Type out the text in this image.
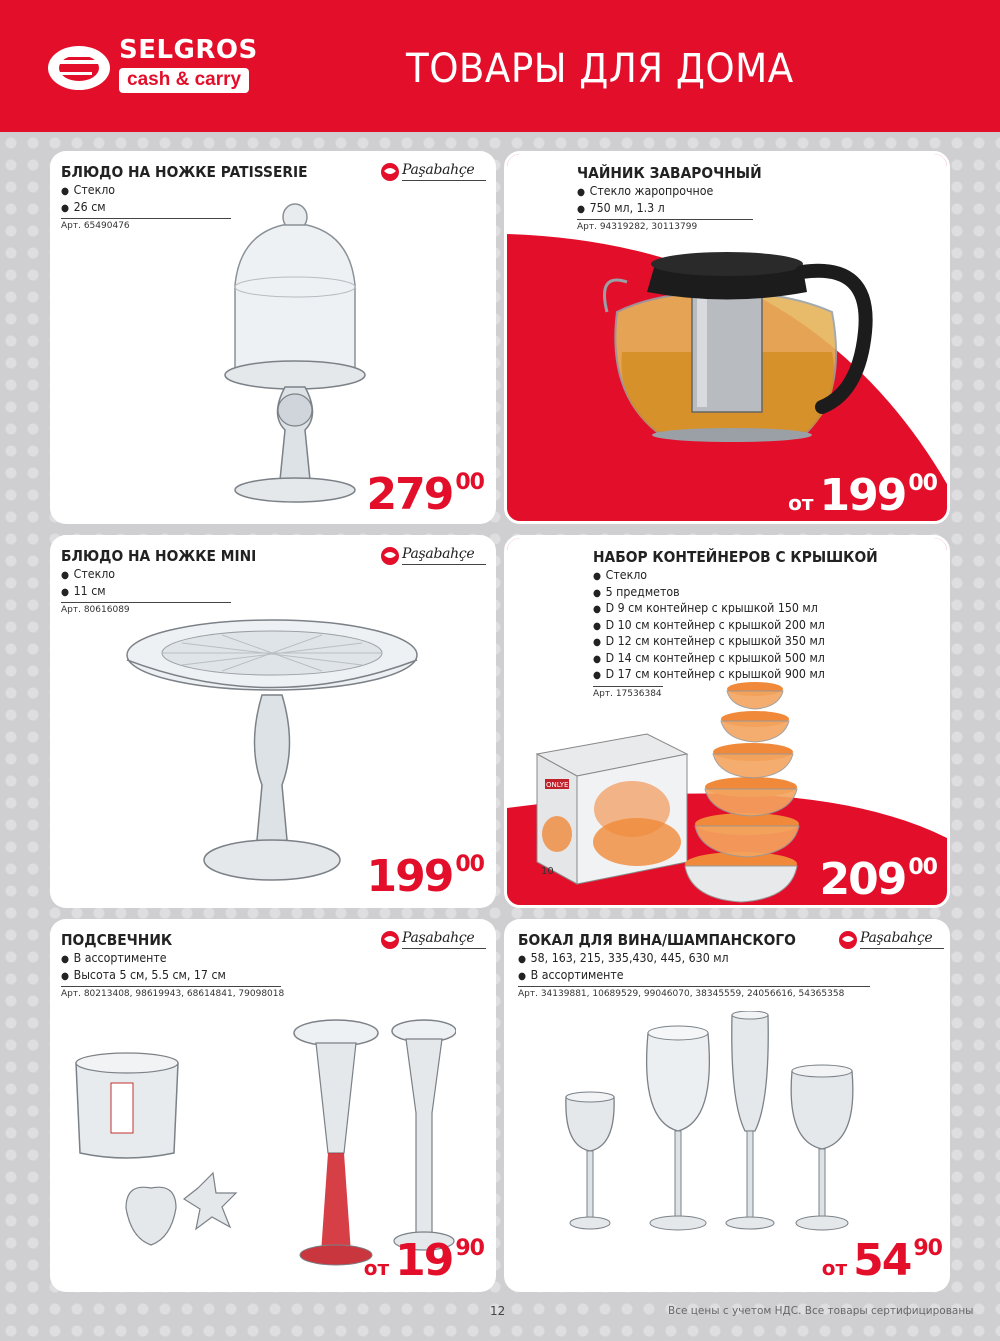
SELGROS
cash & carry	ТОВАРЫ ДЛЯ ДОМА
БЛЮДО НА НОЖКЕ PATISSERIE
● Стекло
● 26 см
Арт. 65490476
Paşabahçe
279 00
ЧАЙНИК ЗАВАРОЧНЫЙ
● Стекло жаропрочное
● 750 мл, 1.3 л
Арт. 94319282, 30113799
от 199 00
БЛЮДО НА НОЖКЕ MINI
● Стекло
● 11 см
Арт. 80616089
Paşabahçe
199 00
НАБОР КОНТЕЙНЕРОВ С КРЫШКОЙ
● Стекло
● 5 предметов
● D 9 см контейнер с крышкой 150 мл
● D 10 см контейнер с крышкой 200 мл
● D 12 см контейнер с крышкой 350 мл
● D 14 см контейнер с крышкой 500 мл
● D 17 см контейнер с крышкой 900 мл
Арт. 17536384
10
ONLYE
209 00
ПОДСВЕЧНИК
● В ассортименте
● Высота 5 см, 5.5 см, 17 см
Арт. 80213408, 98619943, 68614841, 79098018
Paşabahçe
от 19 90
БОКАЛ ДЛЯ ВИНА/ШАМПАНСКОГО
● 58, 163, 215, 335,430, 445, 630 мл
● В ассортименте
Арт. 34139881, 10689529, 99046070, 38345559, 24056616, 54365358
Paşabahçe
от 54 90
12	Все цены с учетом НДС. Все товары сертифицированы
